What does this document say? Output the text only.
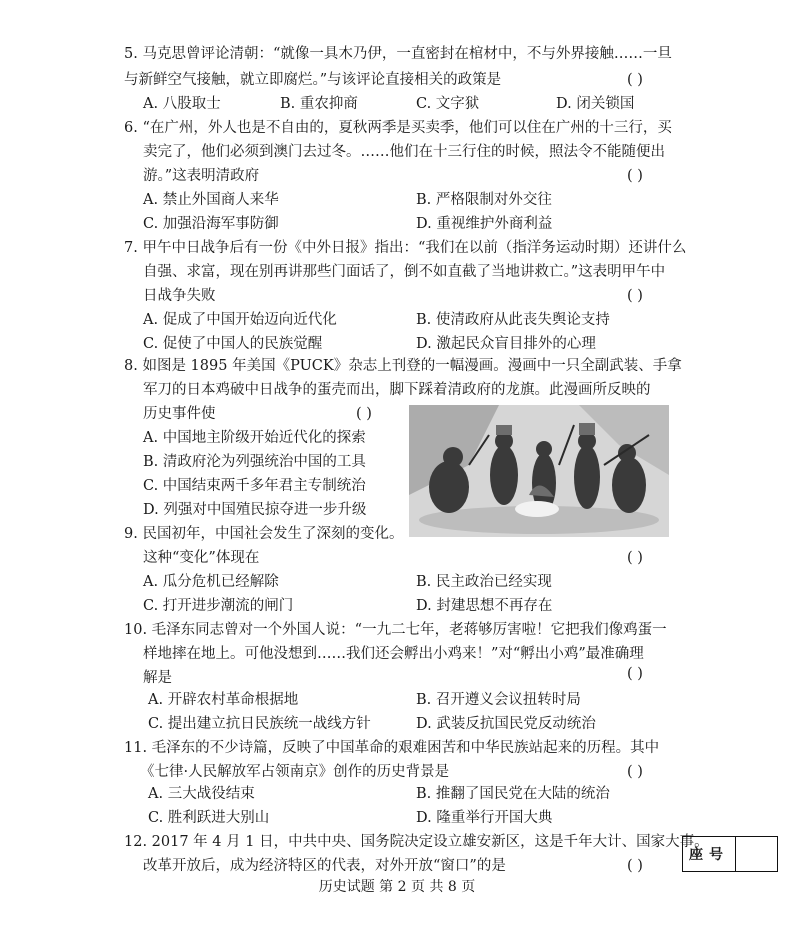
5. 马克思曾评论清朝：“就像一具木乃伊，一直密封在棺材中，不与外界接触……一旦
与新鲜空气接触，就立即腐烂。”与该评论直接相关的政策是	( )
A. 八股取士	B. 重农抑商	C. 文字狱	D. 闭关锁国
6. “在广州，外人也是不自由的，夏秋两季是买卖季，他们可以住在广州的十三行，买
卖完了，他们必须到澳门去过冬。……他们在十三行住的时候，照法令不能随便出
游。”这表明清政府	( )
A. 禁止外国商人来华	B. 严格限制对外交往
C. 加强沿海军事防御	D. 重视维护外商利益
7. 甲午中日战争后有一份《中外日报》指出：“我们在以前（指洋务运动时期）还讲什么
自强、求富，现在别再讲那些门面话了，倒不如直截了当地讲救亡。”这表明甲午中
日战争失败	( )
A. 促成了中国开始迈向近代化	B. 使清政府从此丧失舆论支持
C. 促使了中国人的民族觉醒	D. 激起民众盲目排外的心理
8. 如图是 1895 年美国《PUCK》杂志上刊登的一幅漫画。漫画中一只全副武装、手拿
军刀的日本鸡破中日战争的蛋壳而出，脚下踩着清政府的龙旗。此漫画所反映的
历史事件使	( )
A. 中国地主阶级开始近代化的探索
B. 清政府沦为列强统治中国的工具
C. 中国结束两千多年君主专制统治
D. 列强对中国殖民掠夺进一步升级
9. 民国初年，中国社会发生了深刻的变化。
这种“变化”体现在	( )
A. 瓜分危机已经解除	B. 民主政治已经实现
C. 打开进步潮流的闸门	D. 封建思想不再存在
10. 毛泽东同志曾对一个外国人说：“一九二七年，老蒋够厉害啦！它把我们像鸡蛋一
样地摔在地上。可他没想到……我们还会孵出小鸡来！”对“孵出小鸡”最准确理
解是	( )
A. 开辟农村革命根据地	B. 召开遵义会议扭转时局
C. 提出建立抗日民族统一战线方针	D. 武装反抗国民党反动统治
11. 毛泽东的不少诗篇，反映了中国革命的艰难困苦和中华民族站起来的历程。其中
《七律·人民解放军占领南京》创作的历史背景是	( )
A. 三大战役结束	B. 推翻了国民党在大陆的统治
C. 胜利跃进大别山	D. 隆重举行开国大典
12. 2017 年 4 月 1 日，中共中央、国务院决定设立雄安新区，这是千年大计、国家大事。
改革开放后，成为经济特区的代表，对外开放“窗口”的是	( )
座号
历史试题 第 2 页 共 8 页
